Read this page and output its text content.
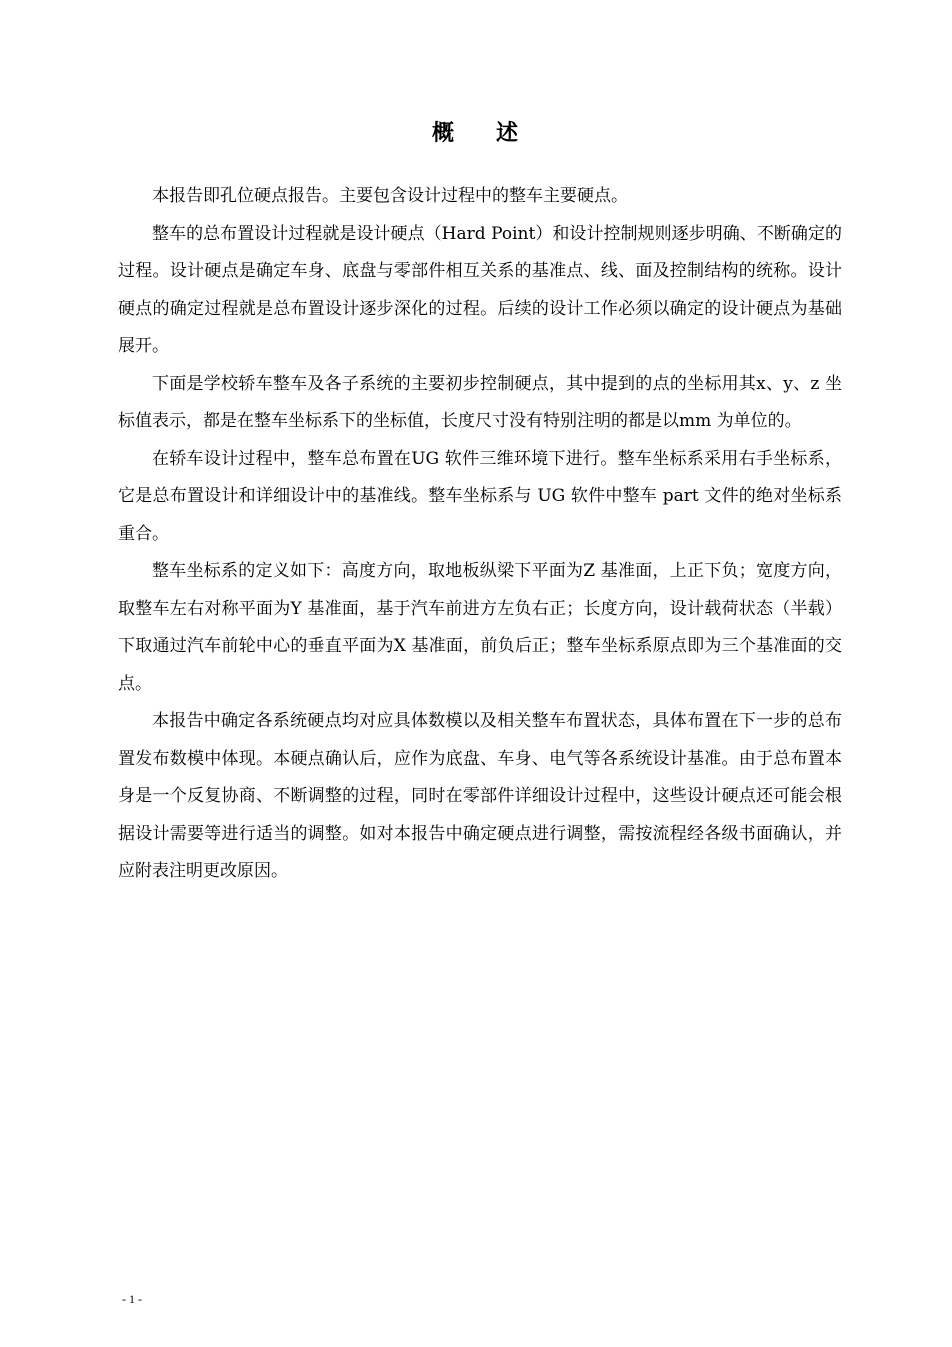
概 述

本报告即孔位硬点报告。主要包含设计过程中的整车主要硬点。

整车的总布置设计过程就是设计硬点（Hard Point）和设计控制规则逐步明确、不断确定的过程。设计硬点是确定车身、底盘与零部件相互关系的基准点、线、面及控制结构的统称。设计硬点的确定过程就是总布置设计逐步深化的过程。后续的设计工作必须以确定的设计硬点为基础展开。

下面是学校轿车整车及各子系统的主要初步控制硬点，其中提到的点的坐标用其x、y、z 坐标值表示，都是在整车坐标系下的坐标值，长度尺寸没有特别注明的都是以mm 为单位的。

在轿车设计过程中，整车总布置在UG 软件三维环境下进行。整车坐标系采用右手坐标系，它是总布置设计和详细设计中的基准线。整车坐标系与 UG 软件中整车 part 文件的绝对坐标系重合。

整车坐标系的定义如下：高度方向，取地板纵梁下平面为Z 基准面，上正下负；宽度方向，取整车左右对称平面为Y 基准面，基于汽车前进方左负右正；长度方向，设计载荷状态（半载）下取通过汽车前轮中心的垂直平面为X 基准面，前负后正；整车坐标系原点即为三个基准面的交点。

本报告中确定各系统硬点均对应具体数模以及相关整车布置状态，具体布置在下一步的总布置发布数模中体现。本硬点确认后，应作为底盘、车身、电气等各系统设计基准。由于总布置本身是一个反复协商、不断调整的过程，同时在零部件详细设计过程中，这些设计硬点还可能会根据设计需要等进行适当的调整。如对本报告中确定硬点进行调整，需按流程经各级书面确认，并应附表注明更改原因。

- 1 -
